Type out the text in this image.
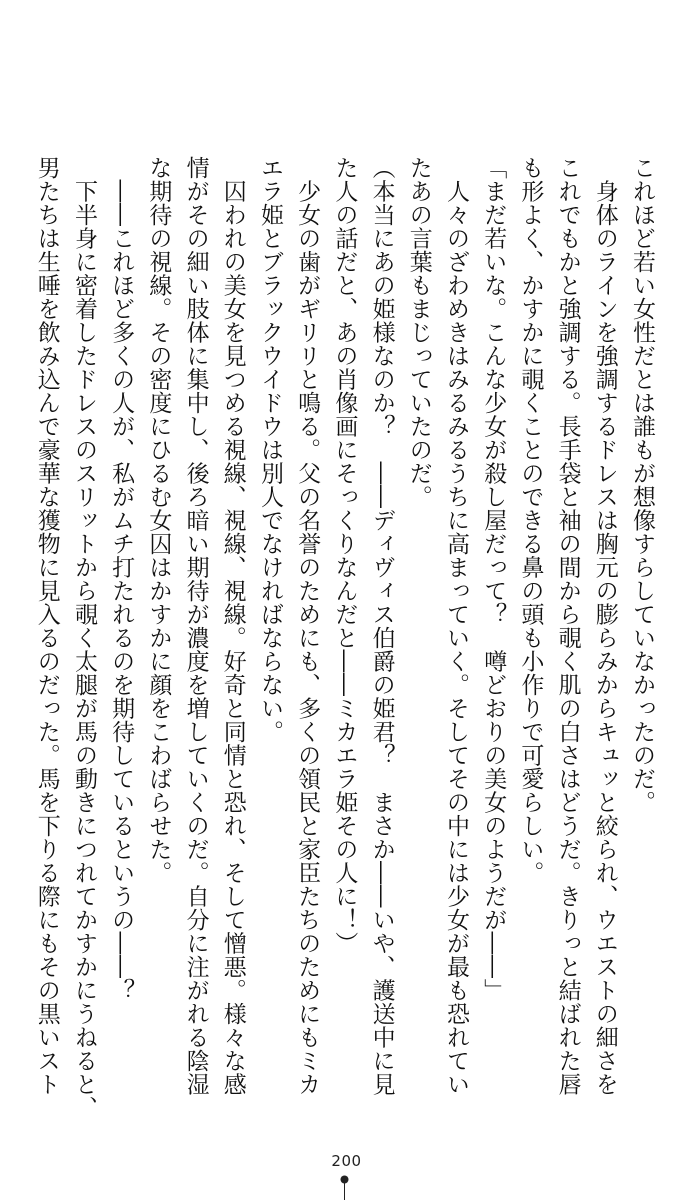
これほど若い女性だとは誰もが想像すらしていなかったのだ。
　身体のラインを強調するドレスは胸元の膨らみからキュッと絞られ、ウエストの細さを
これでもかと強調する。長手袋と袖の間から覗く肌の白さはどうだ。きりっと結ばれた唇
も形よく、かすかに覗くことのできる鼻の頭も小作りで可愛らしい。
「まだ若いな。こんな少女が殺し屋だって？　噂どおりの美女のようだが――」
　人々のざわめきはみるみるうちに高まっていく。そしてその中には少女が最も恐れてい
たあの言葉もまじっていたのだ。
（本当にあの姫様なのか？　――ディヴィス伯爵の姫君？　まさか――いや、護送中に見
た人の話だと、あの肖像画にそっくりなんだと――ミカエラ姫その人に！）
　少女の歯がギリリと鳴る。父の名誉のためにも、多くの領民と家臣たちのためにもミカ
エラ姫とブラックウイドウは別人でなければならない。
　囚われの美女を見つめる視線、視線、視線。好奇と同情と恐れ、そして憎悪。様々な感
情がその細い肢体に集中し、後ろ暗い期待が濃度を増していくのだ。自分に注がれる陰湿
な期待の視線。その密度にひるむ女囚はかすかに顔をこわばらせた。
　――これほど多くの人が、私がムチ打たれるのを期待しているというの――？
　下半身に密着したドレスのスリットから覗く太腿が馬の動きにつれてかすかにうねると、
男たちは生唾を飲み込んで豪華な獲物に見入るのだった。馬を下りる際にもその黒いスト
200
